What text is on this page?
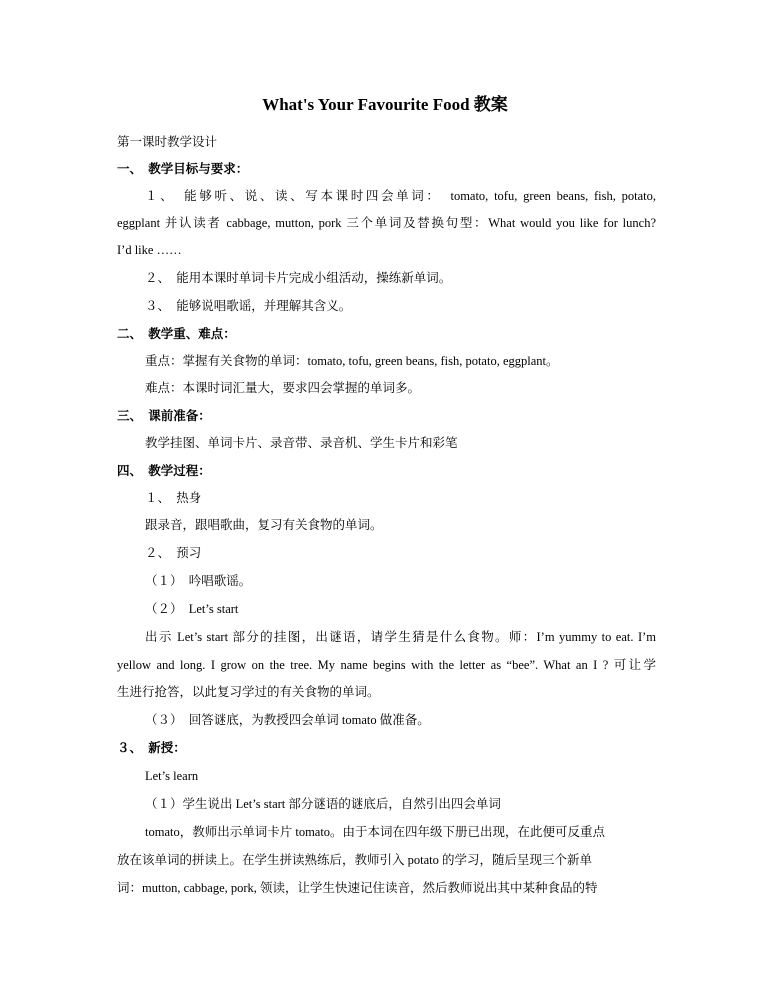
What's Your Favourite Food 教案
第一课时教学设计
一、　教学目标与要求：
１、　能够听、说、读、写本课时四会单词：　tomato, tofu, green beans, fish, potato,
eggplant 并认读者 cabbage, mutton, pork 三个单词及替换句型：What would you like for lunch?
I’d like ……
２、　能用本课时单词卡片完成小组活动，操练新单词。
３、　能够说唱歌谣，并理解其含义。
二、　教学重、难点：
重点：掌握有关食物的单词：tomato, tofu, green beans, fish, potato, eggplant。
难点：本课时词汇量大，要求四会掌握的单词多。
三、　课前准备：
教学挂图、单词卡片、录音带、录音机、学生卡片和彩笔
四、　教学过程：
１、　热身
跟录音，跟唱歌曲，复习有关食物的单词。
２、　预习
（１）　吟唱歌谣。
（２）　Let’s start
出示 Let’s start 部分的挂图，出谜语，请学生猜是什么食物。师：I’m yummy to eat. I’m
yellow and long. I grow on the tree. My name begins with the letter as “bee”. What an I ? 可让学
生进行抢答，以此复习学过的有关食物的单词。
（３）　回答谜底，为教授四会单词 tomato 做准备。
３、　新授：
Let’s learn
（１）学生说出 Let’s start 部分谜语的谜底后，自然引出四会单词
tomato，教师出示单词卡片 tomato。由于本词在四年级下册已出现，在此便可反重点
放在该单词的拼读上。在学生拼读熟练后，教师引入 potato 的学习，随后呈现三个新单
词：mutton, cabbage, pork, 领读，让学生快速记住读音，然后教师说出其中某种食品的特
